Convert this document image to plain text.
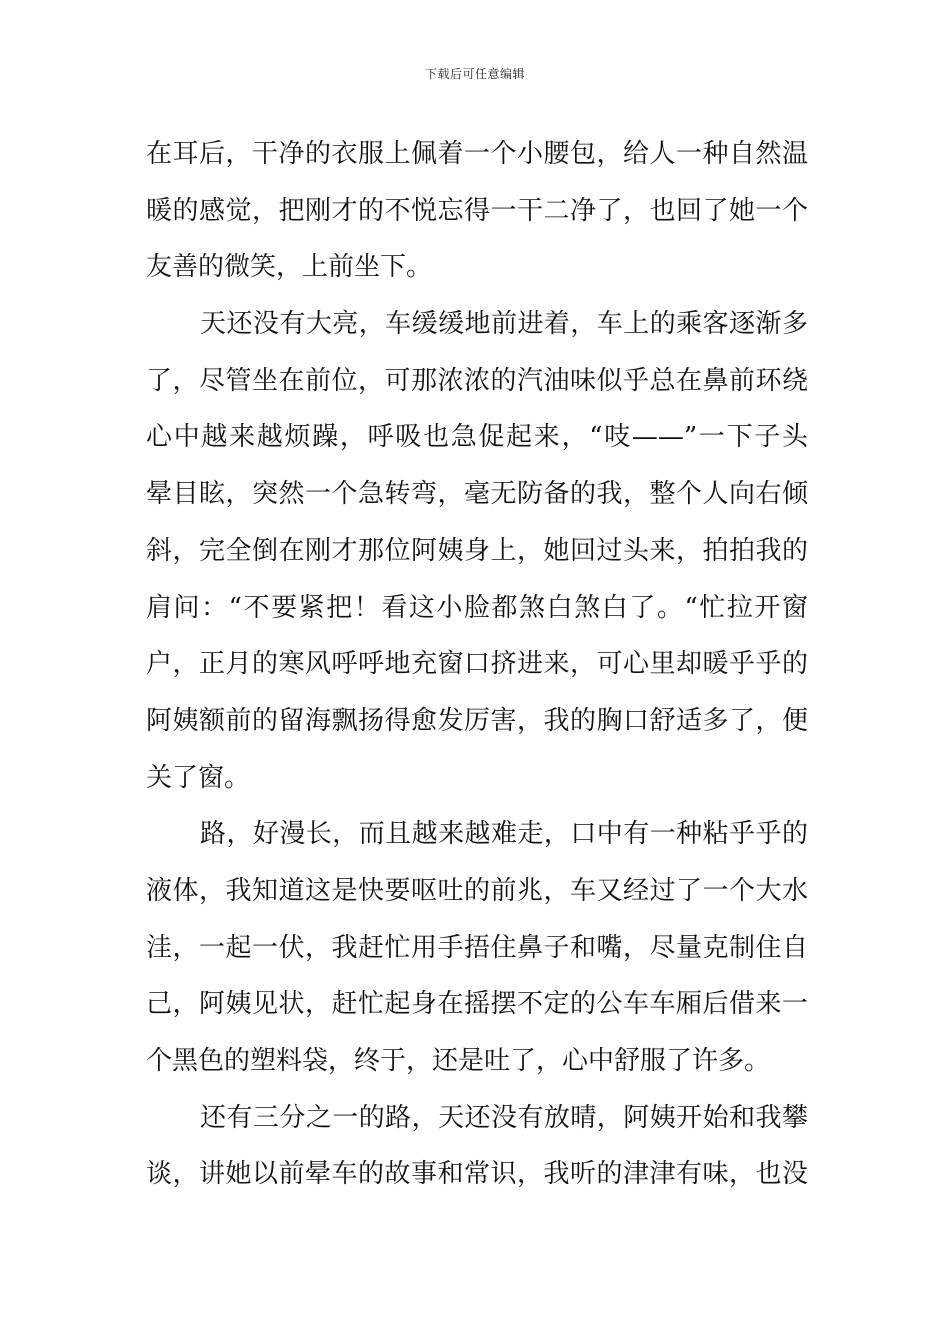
下载后可任意编辑
在耳后，干净的衣服上佩着一个小腰包，给人一种自然温
暖的感觉，把刚才的不悦忘得一干二净了，也回了她一个
友善的微笑，上前坐下。
天还没有大亮，车缓缓地前进着，车上的乘客逐渐多
了，尽管坐在前位，可那浓浓的汽油味似乎总在鼻前环绕
心中越来越烦躁，呼吸也急促起来，“吱——”一下子头
晕目眩，突然一个急转弯，毫无防备的我，整个人向右倾
斜，完全倒在刚才那位阿姨身上，她回过头来，拍拍我的
肩问：“不要紧把！看这小脸都煞白煞白了。“忙拉开窗
户，正月的寒风呼呼地充窗口挤进来，可心里却暖乎乎的
阿姨额前的留海飘扬得愈发厉害，我的胸口舒适多了，便
关了窗。
路，好漫长，而且越来越难走，口中有一种粘乎乎的
液体，我知道这是快要呕吐的前兆，车又经过了一个大水
洼，一起一伏，我赶忙用手捂住鼻子和嘴，尽量克制住自
己，阿姨见状，赶忙起身在摇摆不定的公车车厢后借来一
个黑色的塑料袋，终于，还是吐了，心中舒服了许多。
还有三分之一的路，天还没有放晴，阿姨开始和我攀
谈，讲她以前晕车的故事和常识，我听的津津有味，也没
